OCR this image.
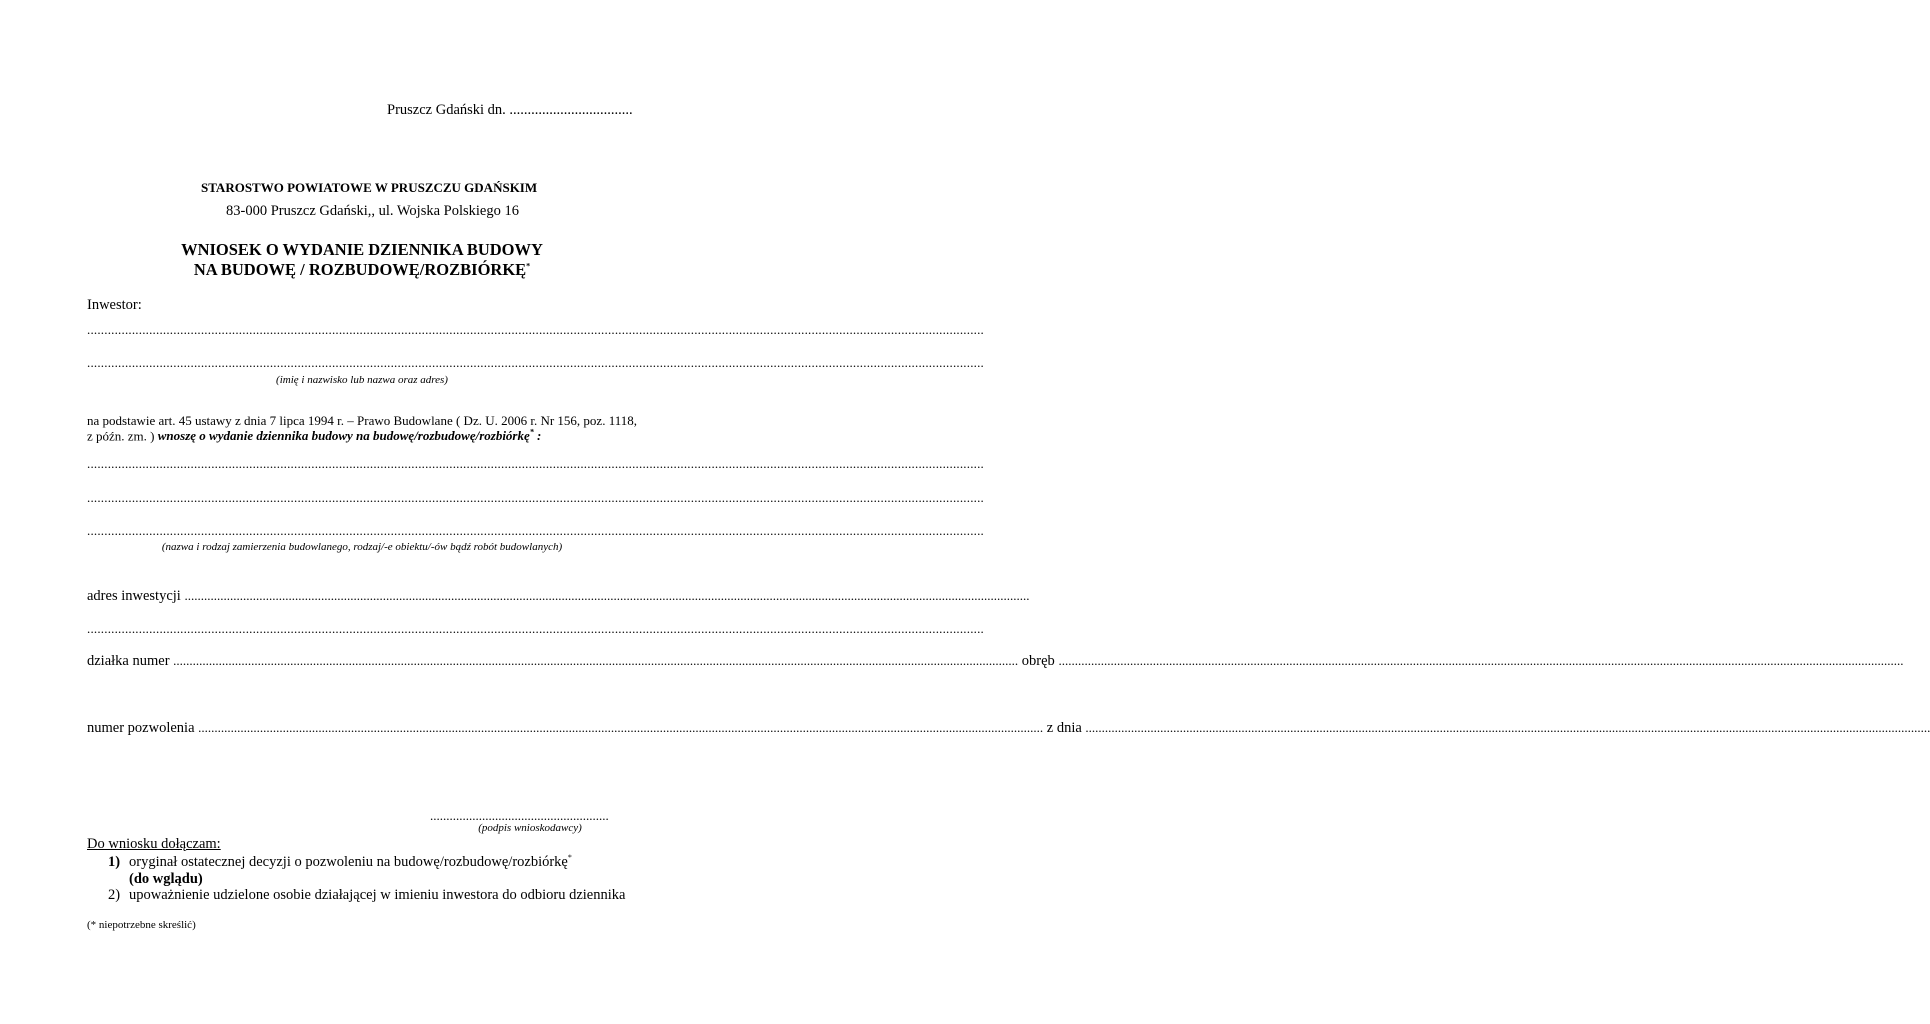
Pruszcz Gdański dn. ..................................
STAROSTWO POWIATOWE W PRUSZCZU GDAŃSKIM
83-000 Pruszcz Gdański,, ul. Wojska Polskiego 16
WNIOSEK O WYDANIE DZIENNIKA BUDOWY
NA BUDOWĘ / ROZBUDOWĘ/ROZBIÓRKĘ*
Inwestor:
....................................................................................................................................................................................................................................................................
....................................................................................................................................................................................................................................................................
(imię i nazwisko lub nazwa oraz adres)
na podstawie art. 45 ustawy z dnia 7 lipca 1994 r. – Prawo Budowlane ( Dz. U. 2006 r. Nr 156, poz. 1118,
z późn. zm. ) wnoszę o wydanie dziennika budowy na budowę/rozbudowę/rozbiórkę* :
....................................................................................................................................................................................................................................................................
....................................................................................................................................................................................................................................................................
....................................................................................................................................................................................................................................................................
(nazwa i rodzaj zamierzenia budowlanego, rodzaj/-e obiektu/-ów bądź robót budowlanych)
adres inwestycji
....................................................................................................................................................................................................................................................................
....................................................................................................................................................................................................................................................................
działka numer
....................................................................................................................................................................................................................................................................
obręb
....................................................................................................................................................................................................................................................................
numer pozwolenia
....................................................................................................................................................................................................................................................................
z dnia
....................................................................................................................................................................................................................................................................
.......................................................
(podpis wnioskodawcy)
Do wniosku dołączam:
1) oryginał ostatecznej decyzji o pozwoleniu na budowę/rozbudowę/rozbiórkę*
(do wglądu)
2) upoważnienie udzielone osobie działającej w imieniu inwestora do odbioru dziennika
(* niepotrzebne skreślić)
